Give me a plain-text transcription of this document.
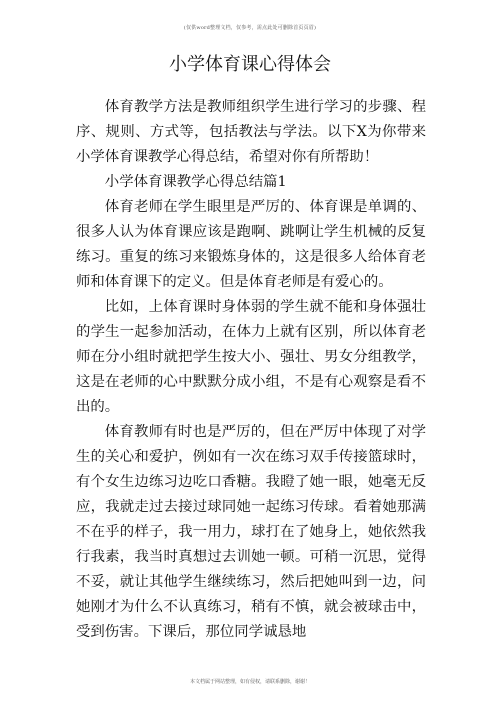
(仅供word整理文档，仅参考，需点此处可删除首页页眉)
小学体育课心得体会

体育教学方法是教师组织学生进行学习的步骤、程序、规则、方式等，包括教法与学法。以下X为你带来小学体育课教学心得总结，希望对你有所帮助！

小学体育课教学心得总结篇1

体育老师在学生眼里是严厉的、体育课是单调的、很多人认为体育课应该是跑啊、跳啊让学生机械的反复练习。重复的练习来锻炼身体的，这是很多人给体育老师和体育课下的定义。但是体育老师是有爱心的。

比如，上体育课时身体弱的学生就不能和身体强壮的学生一起参加活动，在体力上就有区别，所以体育老师在分小组时就把学生按大小、强壮、男女分组教学，这是在老师的心中默默分成小组，不是有心观察是看不出的。

体育教师有时也是严厉的，但在严厉中体现了对学生的关心和爱护，例如有一次在练习双手传接篮球时，有个女生边练习边吃口香糖。我瞪了她一眼，她毫无反应，我就走过去接过球同她一起练习传球。看着她那满不在乎的样子，我一用力，球打在了她身上，她依然我行我素，我当时真想过去训她一顿。可稍一沉思，觉得不妥，就让其他学生继续练习，然后把她叫到一边，问她刚才为什么不认真练习，稍有不慎，就会被球击中，受到伤害。下课后，那位同学诚恳地

本文档属于网站整理，如有侵权，请联系删除，谢谢！
